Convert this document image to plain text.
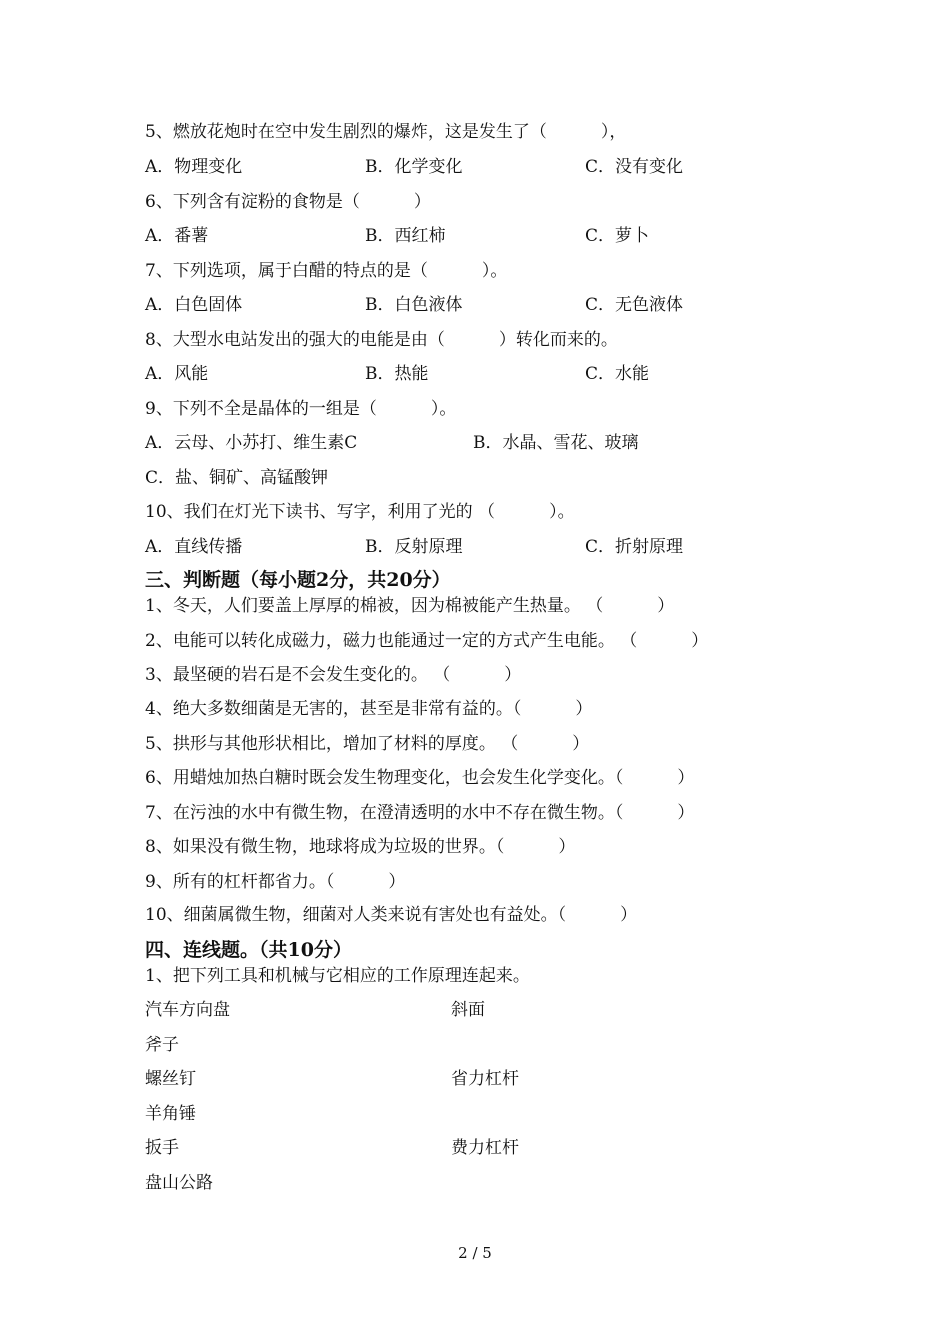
5、燃放花炮时在空中发生剧烈的爆炸，这是发生了（          ），
A．物理变化	B．化学变化	C．没有变化
6、下列含有淀粉的食物是（          ）
A．番薯	B．西红柿	C．萝卜
7、下列选项，属于白醋的特点的是（          ）。
A．白色固体	B．白色液体	C．无色液体
8、大型水电站发出的强大的电能是由（          ）转化而来的。
A．风能	B．热能	C．水能
9、下列不全是晶体的一组是（          ）。
A．云母、小苏打、维生素C	B．水晶、雪花、玻璃
C．盐、铜矿、高锰酸钾
10、我们在灯光下读书、写字，利用了光的 （          ）。
A．直线传播	B．反射原理	C．折射原理
三、判断题（每小题2分，共20分）
1、冬天，人们要盖上厚厚的棉被，因为棉被能产生热量。 （          ）
2、电能可以转化成磁力，磁力也能通过一定的方式产生电能。 （          ）
3、最坚硬的岩石是不会发生变化的。 （          ）
4、绝大多数细菌是无害的，甚至是非常有益的。（          ）
5、拱形与其他形状相比，增加了材料的厚度。 （          ）
6、用蜡烛加热白糖时既会发生物理变化，也会发生化学变化。（          ）
7、在污浊的水中有微生物，在澄清透明的水中不存在微生物。（          ）
8、如果没有微生物，地球将成为垃圾的世界。（          ）
9、所有的杠杆都省力。（          ）
10、细菌属微生物，细菌对人类来说有害处也有益处。（          ）
四、连线题。（共10分）
1、把下列工具和机械与它相应的工作原理连起来。
汽车方向盘	斜面
斧子
螺丝钉	省力杠杆
羊角锤
扳手	费力杠杆
盘山公路
2 / 5
